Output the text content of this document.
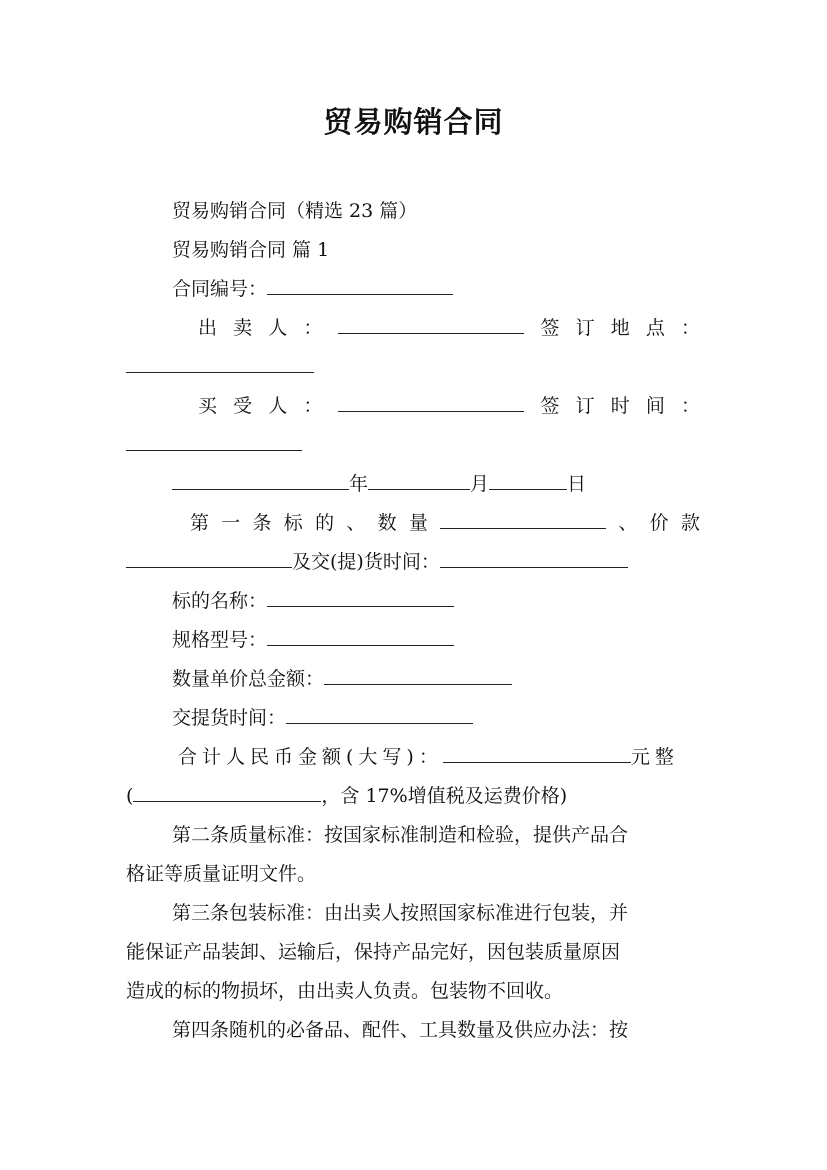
贸易购销合同
贸易购销合同（精选 23 篇）
贸易购销合同 篇 1
合同编号：
出 卖 人 ：	签 订 地 点 ：
买 受 人 ：	签 订 时 间 ：
年	月	日
第 一 条 标 的 、 数 量	、 价 款
及交(提)货时间：
标的名称：
规格型号：
数量单价总金额：
交提货时间：
合计人民币金额(大写)：	元整
(	，含 17%增值税及运费价格)
第二条质量标准：按国家标准制造和检验，提供产品合
格证等质量证明文件。
第三条包装标准：由出卖人按照国家标准进行包装，并
能保证产品装卸、运输后，保持产品完好，因包装质量原因
造成的标的物损坏，由出卖人负责。包装物不回收。
第四条随机的必备品、配件、工具数量及供应办法：按
